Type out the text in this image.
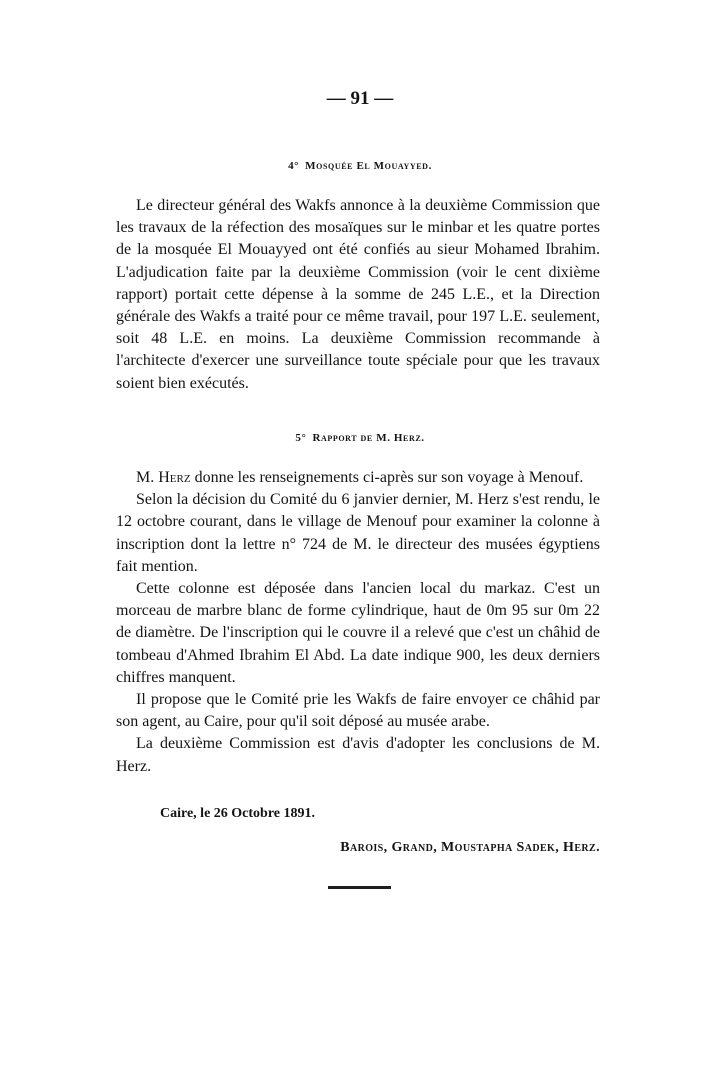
— 91 —
4° Mosquée El Mouayyed.

Le directeur général des Wakfs annonce à la deuxième Commission que les travaux de la réfection des mosaïques sur le minbar et les quatre portes de la mosquée El Mouayyed ont été confiés au sieur Mohamed Ibrahim. L'adjudication faite par la deuxième Commission (voir le cent dixième rapport) portait cette dépense à la somme de 245 L.E., et la Direction générale des Wakfs a traité pour ce même travail, pour 197 L.E. seulement, soit 48 L.E. en moins. La deuxième Commission recommande à l'architecte d'exercer une surveillance toute spéciale pour que les travaux soient bien exécutés.

5° Rapport de M. Herz.

M. Herz donne les renseignements ci-après sur son voyage à Menouf.

Selon la décision du Comité du 6 janvier dernier, M. Herz s'est rendu, le 12 octobre courant, dans le village de Menouf pour examiner la colonne à inscription dont la lettre n° 724 de M. le directeur des musées égyptiens fait mention.

Cette colonne est déposée dans l'ancien local du markaz. C'est un morceau de marbre blanc de forme cylindrique, haut de 0m 95 sur 0m 22 de diamètre. De l'inscription qui le couvre il a relevé que c'est un châhid de tombeau d'Ahmed Ibrahim El Abd. La date indique 900, les deux derniers chiffres manquent.

Il propose que le Comité prie les Wakfs de faire envoyer ce châhid par son agent, au Caire, pour qu'il soit déposé au musée arabe.

La deuxième Commission est d'avis d'adopter les conclusions de M. Herz.

Caire, le 26 Octobre 1891.
Barois, Grand, Moustapha Sadek, Herz.
